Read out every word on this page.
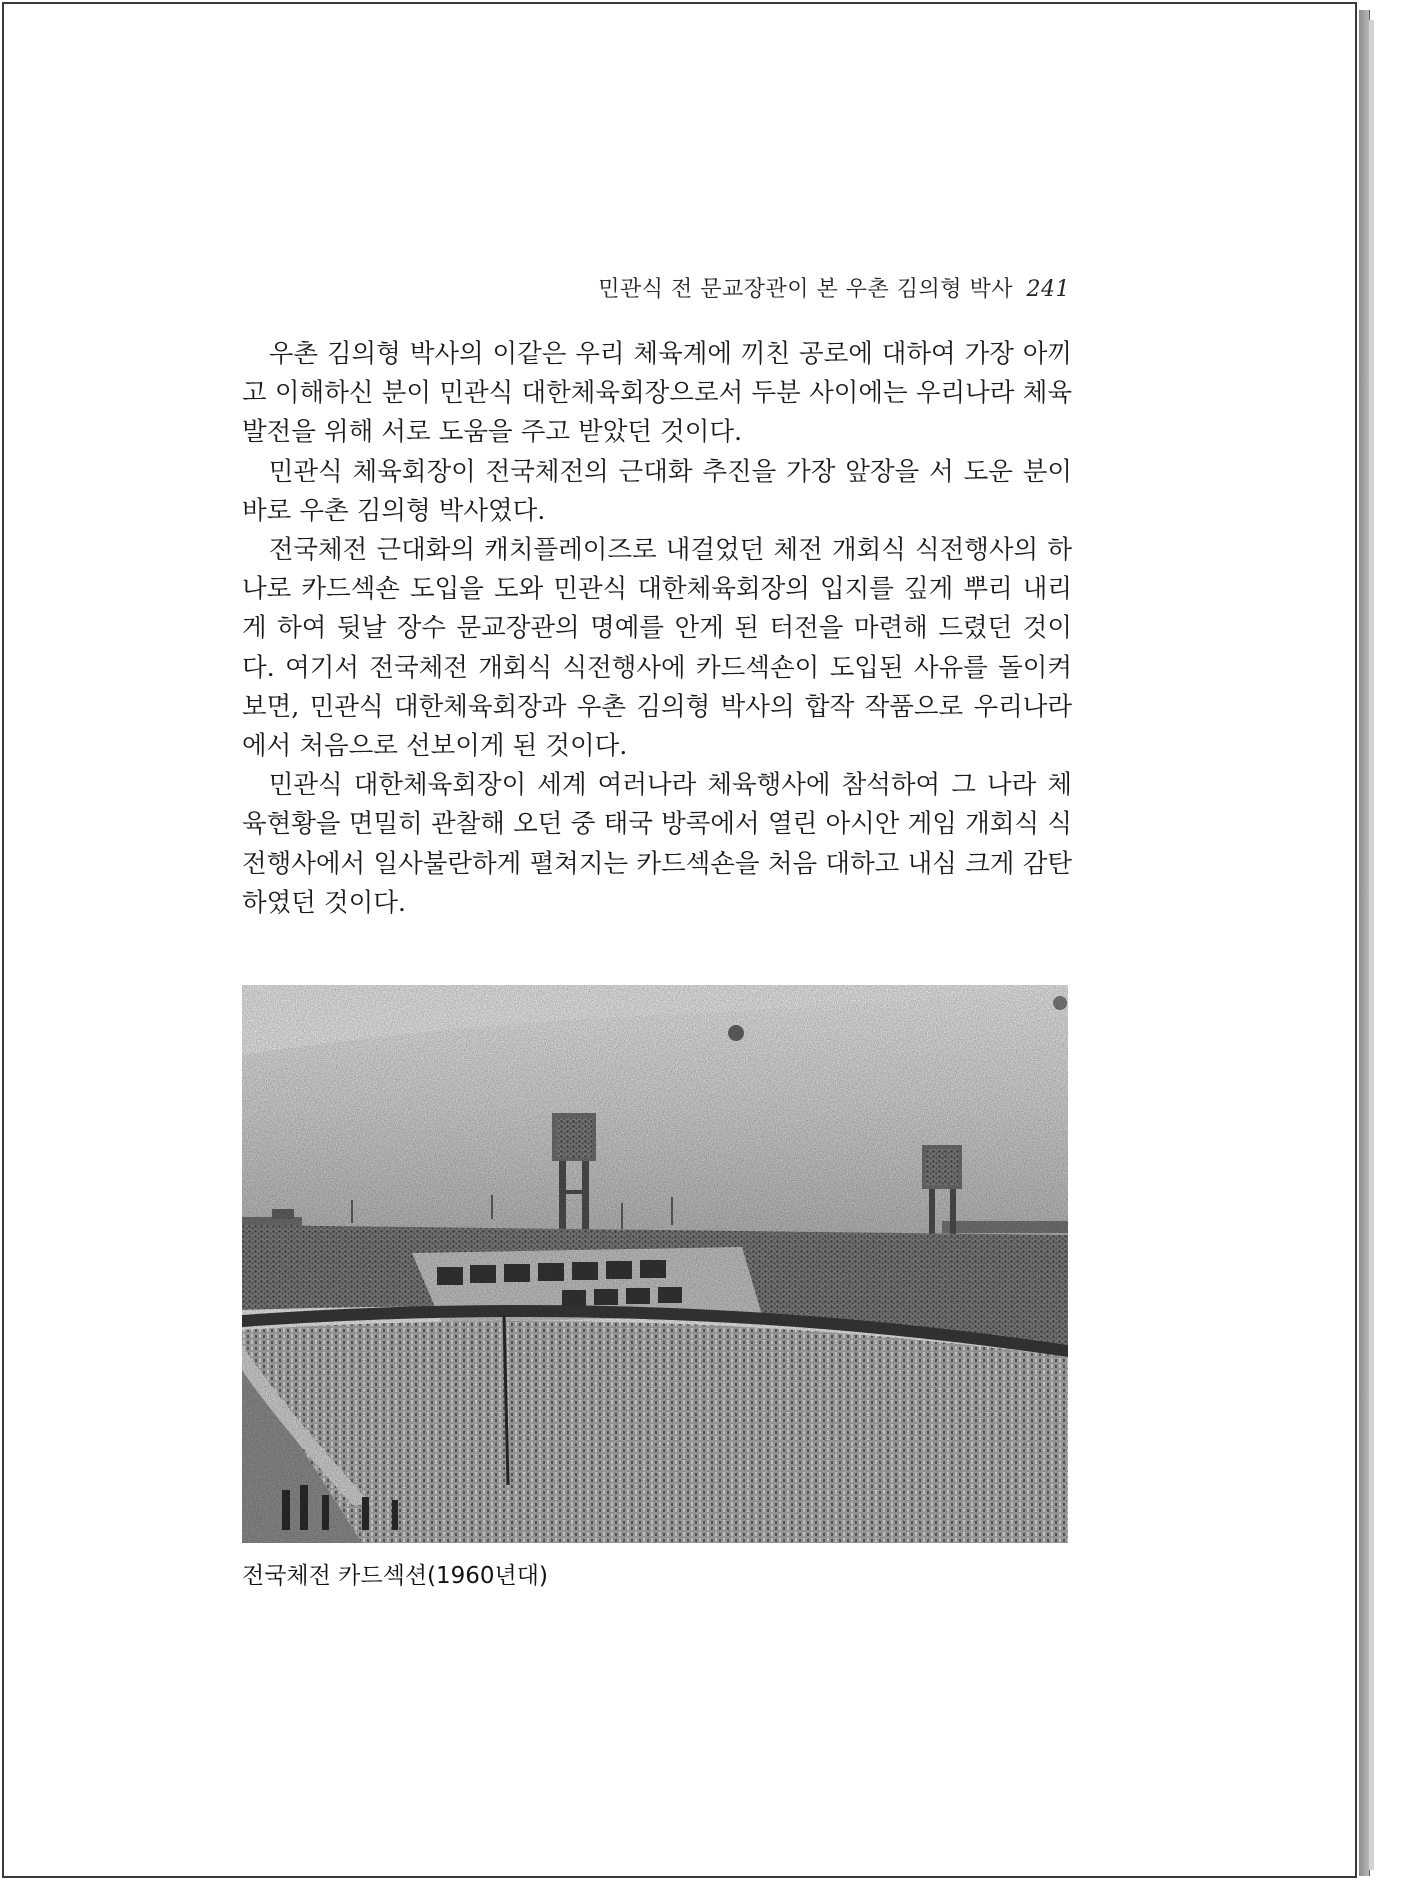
민관식 전 문교장관이 본 우촌 김의형 박사 241

우촌 김의형 박사의 이같은 우리 체육계에 끼친 공로에 대하여 가장 아끼고 이해하신 분이 민관식 대한체육회장으로서 두분 사이에는 우리나라 체육발전을 위해 서로 도움을 주고 받았던 것이다.

민관식 체육회장이 전국체전의 근대화 추진을 가장 앞장을 서 도운 분이 바로 우촌 김의형 박사였다.

전국체전 근대화의 캐치플레이즈로 내걸었던 체전 개회식 식전행사의 하나로 카드섹숀 도입을 도와 민관식 대한체육회장의 입지를 깊게 뿌리 내리게 하여 뒷날 장수 문교장관의 명예를 안게 된 터전을 마련해 드렸던 것이다. 여기서 전국체전 개회식 식전행사에 카드섹숀이 도입된 사유를 돌이켜 보면, 민관식 대한체육회장과 우촌 김의형 박사의 합작 작품으로 우리나라에서 처음으로 선보이게 된 것이다.

민관식 대한체육회장이 세계 여러나라 체육행사에 참석하여 그 나라 체육현황을 면밀히 관찰해 오던 중 태국 방콕에서 열린 아시안 게임 개회식 식전행사에서 일사불란하게 펼쳐지는 카드섹숀을 처음 대하고 내심 크게 감탄하였던 것이다.

전국체전 카드섹션(1960년대)
